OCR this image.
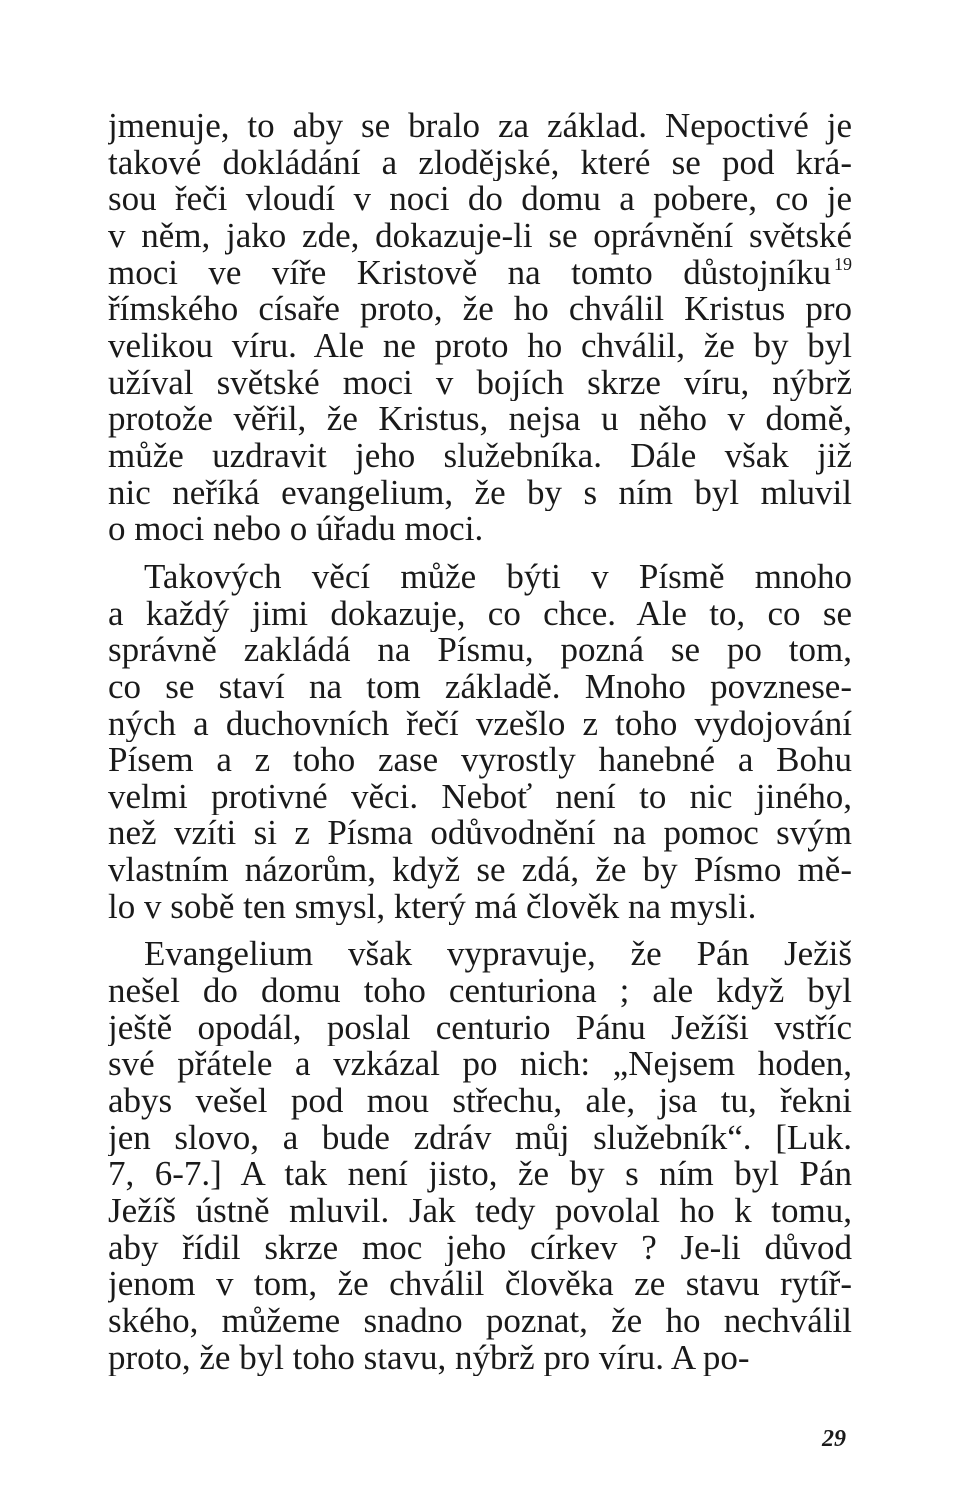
jmenuje, to aby se bralo za základ. Nepoctivé je
takové dokládání a zlodějské, které se pod krá-
sou řeči vloudí v noci do domu a pobere, co je
v něm, jako zde, dokazuje-li se oprávnění světské
moci ve víře Kristově na tomto důstojníku $^{19}$
římského císaře proto, že ho chválil Kristus pro
velikou víru. Ale ne proto ho chválil, že by byl
užíval světské moci v bojích skrze víru, nýbrž
protože věřil, že Kristus, nejsa u něho v domě,
může uzdravit jeho služebníka. Dále však již
nic neříká evangelium, že by s ním byl mluvil
o moci nebo o úřadu moci.
Takových věcí může býti v Písmě mnoho
a každý jimi dokazuje, co chce. Ale to, co se
správně zakládá na Písmu, pozná se po tom,
co se staví na tom základě. Mnoho povznese-
ných a duchovních řečí vzešlo z toho vydojování
Písem a z toho zase vyrostly hanebné a Bohu
velmi protivné věci. Neboť není to nic jiného,
než vzíti si z Písma odůvodnění na pomoc svým
vlastním názorům, když se zdá, že by Písmo mě-
lo v sobě ten smysl, který má člověk na mysli.
Evangelium však vypravuje, že Pán Ježiš
nešel do domu toho centuriona ; ale když byl
ještě opodál, poslal centurio Pánu Ježíši vstříc
své přátele a vzkázal po nich: „Nejsem hoden,
abys vešel pod mou střechu, ale, jsa tu, řekni
jen slovo, a bude zdráv můj služebník“. [Luk.
7, 6-7.] A tak není jisto, že by s ním byl Pán
Ježíš ústně mluvil. Jak tedy povolal ho k tomu,
aby řídil skrze moc jeho církev ? Je-li důvod
jenom v tom, že chválil člověka ze stavu rytíř-
ského, můžeme snadno poznat, že ho nechválil
proto, že byl toho stavu, nýbrž pro víru. A po-
29
